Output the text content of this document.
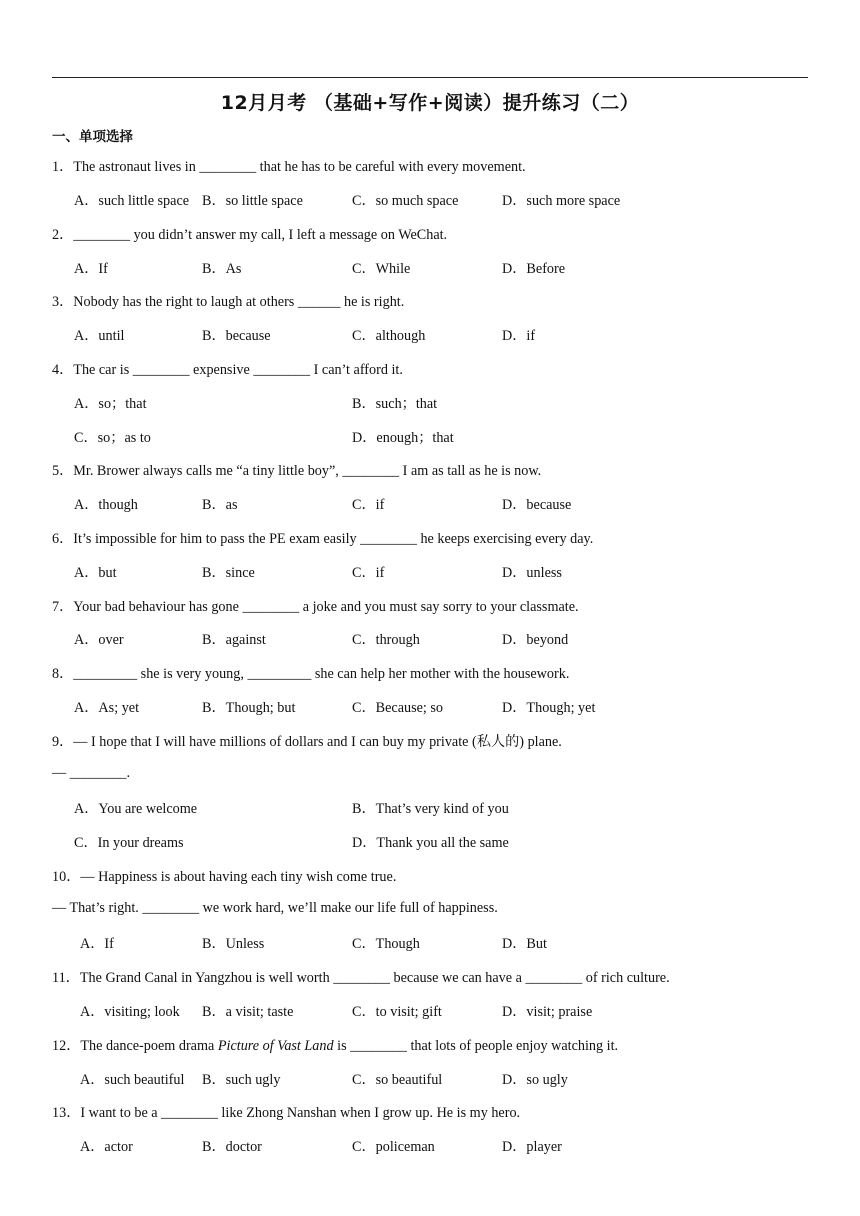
12月月考 （基础+写作+阅读）提升练习（二）
一、单项选择
1．The astronaut lives in ________ that he has to be careful with every movement.
A．such little space B．so little space	C．so much space	D．such more space
2．________ you didn’t answer my call, I left a message on WeChat.
A．If	B．As	C．While	D．Before
3．Nobody has the right to laugh at others ______ he is right.
A．until	B．because	C．although	D．if
4．The car is ________ expensive ________ I can’t afford it.
A．so；that	B．such；that
C．so；as to	D．enough；that
5．Mr. Brower always calls me “a tiny little boy”, ________ I am as tall as he is now.
A．though	B．as	C．if	D．because
6．It’s impossible for him to pass the PE exam easily ________ he keeps exercising every day.
A．but	B．since	C．if	D．unless
7．Your bad behaviour has gone ________ a joke and you must say sorry to your classmate.
A．over	B．against	C．through	D．beyond
8．_________ she is very young, _________ she can help her mother with the housework.
A．As; yet	B．Though; but	C．Because; so	D．Though; yet
9．— I hope that I will have millions of dollars and I can buy my private (私人的) plane.
— ________.
A．You are welcome	B．That’s very kind of you
C．In your dreams	D．Thank you all the same
10．— Happiness is about having each tiny wish come true.
— That’s right. ________ we work hard, we’ll make our life full of happiness.
A．If	B．Unless	C．Though	D．But
11．The Grand Canal in Yangzhou is well worth ________ because we can have a ________ of rich culture.
A．visiting; look B．a visit; taste	C．to visit; gift	D．visit; praise
12．The dance-poem drama Picture of Vast Land is ________ that lots of people enjoy watching it.
A．such beautiful B．such ugly	C．so beautiful	D．so ugly
13．I want to be a ________ like Zhong Nanshan when I grow up. He is my hero.
A．actor	B．doctor	C．policeman	D．player
